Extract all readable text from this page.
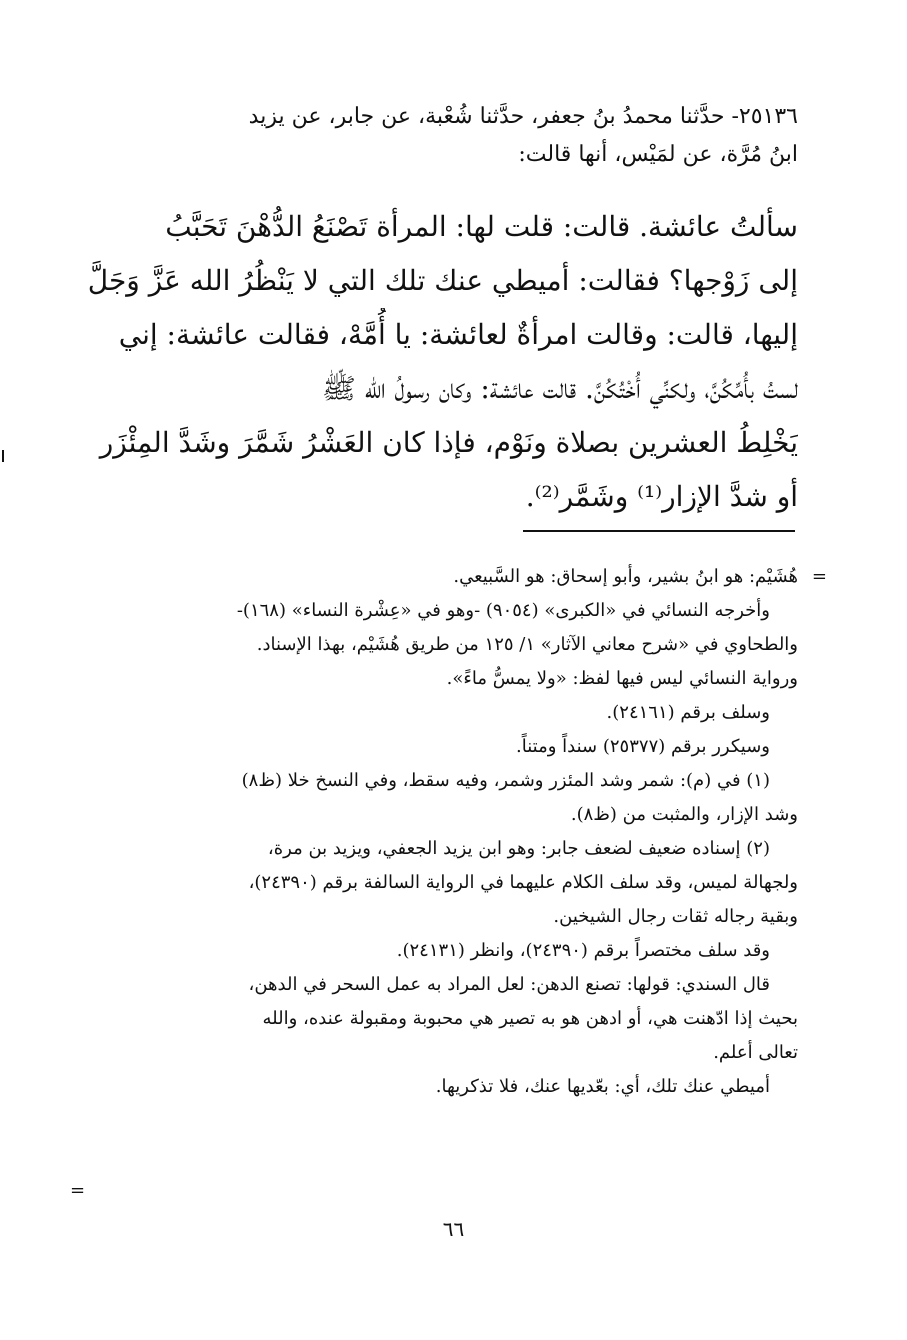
٢٥١٣٦- حدَّثنا محمدُ بنُ جعفر، حدَّثنا شُعْبة، عن جابر، عن يزيد
ابنُ مُرَّة، عن لمَيْس، أنها قالت:
سألتُ عائشة. قالت: قلت لها: المرأة تَصْنَعُ الدُّهْنَ تَحَبَّبُ
إلى زَوْجها؟ فقالت: أميطي عنك تلك التي لا يَنْظُرُ الله عَزَّ وَجَلَّ
إليها، قالت: وقالت امرأةٌ لعائشة: يا أُمَّهْ، فقالت عائشة: إني
لستُ بأُمِّكُنَّ، ولكنِّي أُخْتُكُنَّ. قالت عائشة: وكان رسولُ الله ﷺ
يَخْلِطُ العشرين بصلاة ونَوْم، فإذا كان العَشْرُ شَمَّرَ وشَدَّ المِئْزَر
أو شدَّ الإزار⁽¹⁾ وشَمَّر⁽²⁾.
=
هُشَيْم: هو ابنُ بشير، وأبو إسحاق: هو السَّبيعي.
وأخرجه النسائي في «الكبرى» (٩٠٥٤) -وهو في «عِشْرة النساء» (١٦٨)-
والطحاوي في «شرح معاني الآثار» ١/ ١٢٥ من طريق هُشَيْم، بهذا الإسناد.
ورواية النسائي ليس فيها لفظ: «ولا يمسُّ ماءً».
وسلف برقم (٢٤١٦١).
وسيكرر برقم (٢٥٣٧٧) سنداً ومتناً.
(١) في (م): شمر وشد المئزر وشمر، وفيه سقط، وفي النسخ خلا (ظ٨)
وشد الإزار، والمثبت من (ظ٨).
(٢) إسناده ضعيف لضعف جابر: وهو ابن يزيد الجعفي، ويزيد بن مرة،
ولجهالة لميس، وقد سلف الكلام عليهما في الرواية السالفة برقم (٢٤٣٩٠)،
وبقية رجاله ثقات رجال الشيخين.
وقد سلف مختصراً برقم (٢٤٣٩٠)، وانظر (٢٤١٣١).
قال السندي: قولها: تصنع الدهن: لعل المراد به عمل السحر في الدهن،
بحيث إذا ادّهنت هي، أو ادهن هو به تصير هي محبوبة ومقبولة عنده، والله
تعالى أعلم.
أميطي عنك تلك، أي: بعّديها عنك، فلا تذكريها.
=
٦٦
